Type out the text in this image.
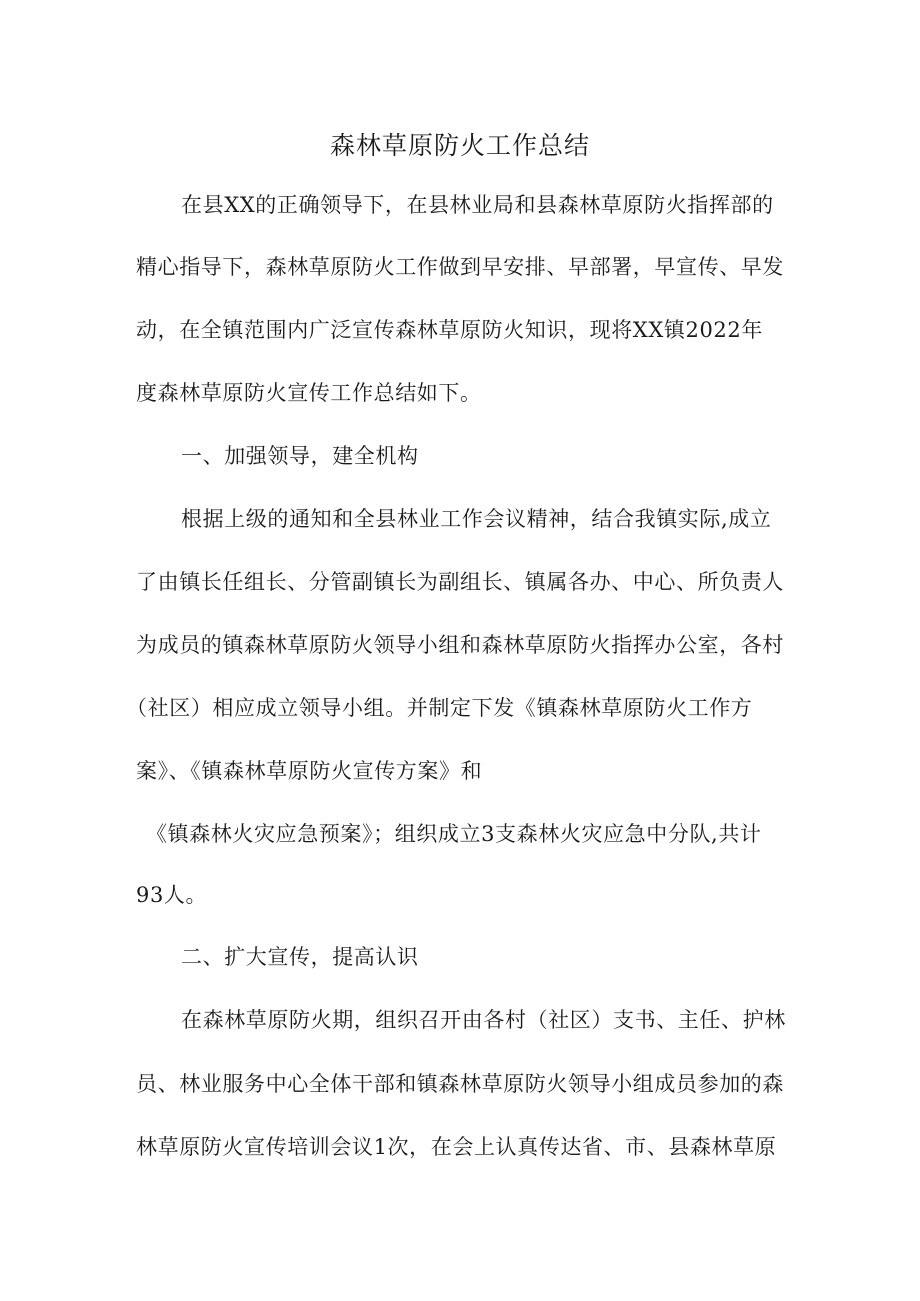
森林草原防火工作总结

在县XX的正确领导下，在县林业局和县森林草原防火指挥部的

精心指导下，森林草原防火工作做到早安排、早部署，早宣传、早发

动，在全镇范围内广泛宣传森林草原防火知识，现将XX镇2022年

度森林草原防火宣传工作总结如下。

一、加强领导，建全机构

根据上级的通知和全县林业工作会议精神，结合我镇实际,成立

了由镇长任组长、分管副镇长为副组长、镇属各办、中心、所负责人

为成员的镇森林草原防火领导小组和森林草原防火指挥办公室，各村

（社区）相应成立领导小组。并制定下发《镇森林草原防火工作方

案》、《镇森林草原防火宣传方案》和

《镇森林火灾应急预案》；组织成立3支森林火灾应急中分队,共计

93人。

二、扩大宣传，提高认识

在森林草原防火期，组织召开由各村（社区）支书、主任、护林

员、林业服务中心全体干部和镇森林草原防火领导小组成员参加的森

林草原防火宣传培训会议1次，在会上认真传达省、市、县森林草原
